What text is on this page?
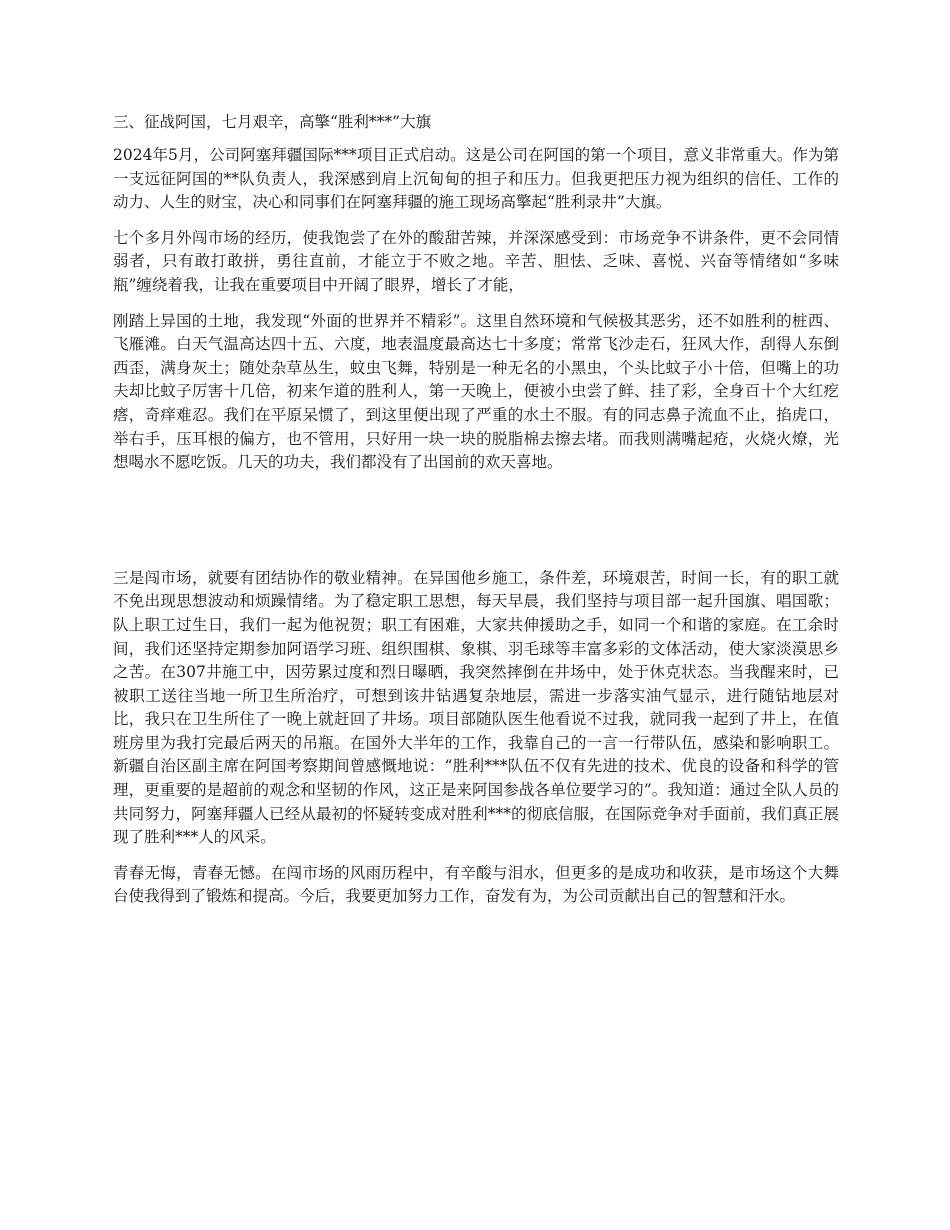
三、征战阿国，七月艰辛，高擎“胜利***”大旗

2024年5月，公司阿塞拜疆国际***项目正式启动。这是公司在阿国的第一个项目，意义非常重大。作为第一支远征阿国的**队负责人，我深感到肩上沉甸甸的担子和压力。但我更把压力视为组织的信任、工作的动力、人生的财宝，决心和同事们在阿塞拜疆的施工现场高擎起“胜利录井”大旗。

七个多月外闯市场的经历，使我饱尝了在外的酸甜苦辣，并深深感受到：市场竞争不讲条件，更不会同情弱者，只有敢打敢拼，勇往直前，才能立于不败之地。辛苦、胆怯、乏味、喜悦、兴奋等情绪如“多味瓶”缠绕着我，让我在重要项目中开阔了眼界，增长了才能，

刚踏上异国的土地，我发现“外面的世界并不精彩”。这里自然环境和气候极其恶劣，还不如胜利的桩西、飞雁滩。白天气温高达四十五、六度，地表温度最高达七十多度；常常飞沙走石，狂风大作，刮得人东倒西歪，满身灰土；随处杂草丛生，蚊虫飞舞，特别是一种无名的小黑虫，个头比蚊子小十倍，但嘴上的功夫却比蚊子厉害十几倍，初来乍道的胜利人，第一天晚上，便被小虫尝了鲜、挂了彩，全身百十个大红疙瘩，奇痒难忍。我们在平原呆惯了，到这里便出现了严重的水土不服。有的同志鼻子流血不止，掐虎口，举右手，压耳根的偏方，也不管用，只好用一块一块的脱脂棉去擦去堵。而我则满嘴起疮，火烧火燎，光想喝水不愿吃饭。几天的功夫，我们都没有了出国前的欢天喜地。

三是闯市场，就要有团结协作的敬业精神。在异国他乡施工，条件差，环境艰苦，时间一长，有的职工就不免出现思想波动和烦躁情绪。为了稳定职工思想，每天早晨，我们坚持与项目部一起升国旗、唱国歌；队上职工过生日，我们一起为他祝贺；职工有困难，大家共伸援助之手，如同一个和谐的家庭。在工余时间，我们还坚持定期参加阿语学习班、组织围棋、象棋、羽毛球等丰富多彩的文体活动，使大家淡漠思乡之苦。在307井施工中，因劳累过度和烈日曝晒，我突然摔倒在井场中，处于休克状态。当我醒来时，已被职工送往当地一所卫生所治疗，可想到该井钻遇复杂地层，需进一步落实油气显示，进行随钻地层对比，我只在卫生所住了一晚上就赶回了井场。项目部随队医生他看说不过我，就同我一起到了井上，在值班房里为我打完最后两天的吊瓶。在国外大半年的工作，我靠自己的一言一行带队伍，感染和影响职工。新疆自治区副主席在阿国考察期间曾感慨地说：“胜利***队伍不仅有先进的技术、优良的设备和科学的管理，更重要的是超前的观念和坚韧的作风，这正是来阿国参战各单位要学习的”。我知道：通过全队人员的共同努力，阿塞拜疆人已经从最初的怀疑转变成对胜利***的彻底信服，在国际竞争对手面前，我们真正展现了胜利***人的风采。

青春无悔，青春无憾。在闯市场的风雨历程中，有辛酸与泪水，但更多的是成功和收获，是市场这个大舞台使我得到了锻炼和提高。今后，我要更加努力工作，奋发有为，为公司贡献出自己的智慧和汗水。
